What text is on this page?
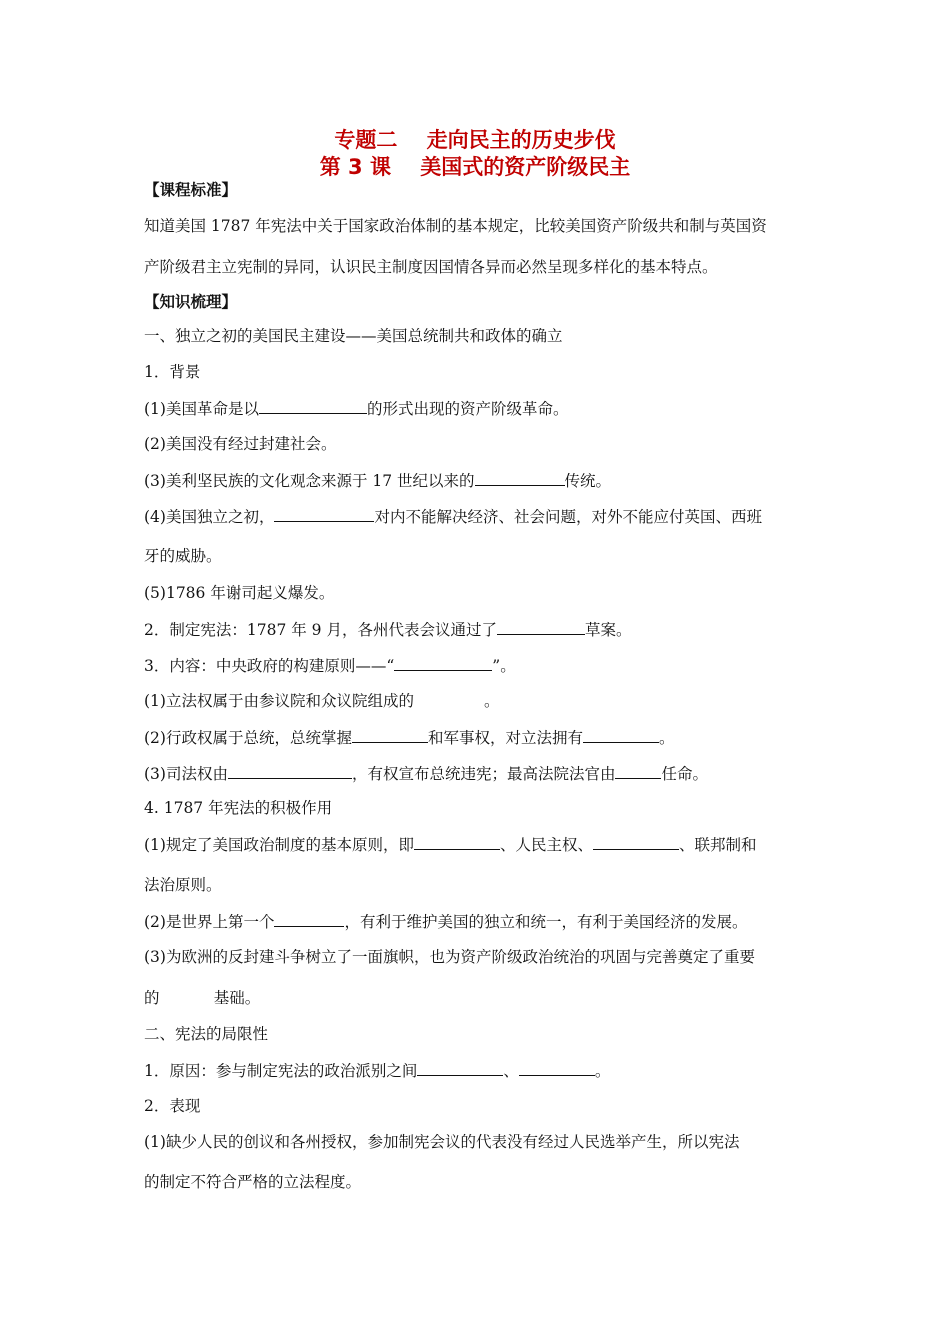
专题二    走向民主的历史步伐
第 3 课    美国式的资产阶级民主
【课程标准】
知道美国 1787 年宪法中关于国家政治体制的基本规定，比较美国资产阶级共和制与英国资
产阶级君主立宪制的异同，认识民主制度因国情各异而必然呈现多样化的基本特点。
【知识梳理】
一、独立之初的美国民主建设——美国总统制共和政体的确立
1．背景
(1)美国革命是以	的形式出现的资产阶级革命。
(2)美国没有经过封建社会。
(3)美利坚民族的文化观念来源于 17 世纪以来的	传统。
(4)美国独立之初，	对内不能解决经济、社会问题，对外不能应付英国、西班
牙的威胁。
(5)1786 年谢司起义爆发。
2．制定宪法：1787 年 9 月，各州代表会议通过了	草案。
3．内容：中央政府的构建原则——“	”。
(1)立法权属于由参议院和众议院组成的	。
(2)行政权属于总统，总统掌握	和军事权，对立法拥有	。
(3)司法权由	，有权宣布总统违宪；最高法院法官由	任命。
4. 1787 年宪法的积极作用
(1)规定了美国政治制度的基本原则，即	、人民主权、	、联邦制和
法治原则。
(2)是世界上第一个	，有利于维护美国的独立和统一，有利于美国经济的发展。
(3)为欧洲的反封建斗争树立了一面旗帜，也为资产阶级政治统治的巩固与完善奠定了重要
的           基础。
二、宪法的局限性
1．原因：参与制定宪法的政治派别之间	、	。
2．表现
(1)缺少人民的创议和各州授权，参加制宪会议的代表没有经过人民选举产生，所以宪法
的制定不符合严格的立法程度。
